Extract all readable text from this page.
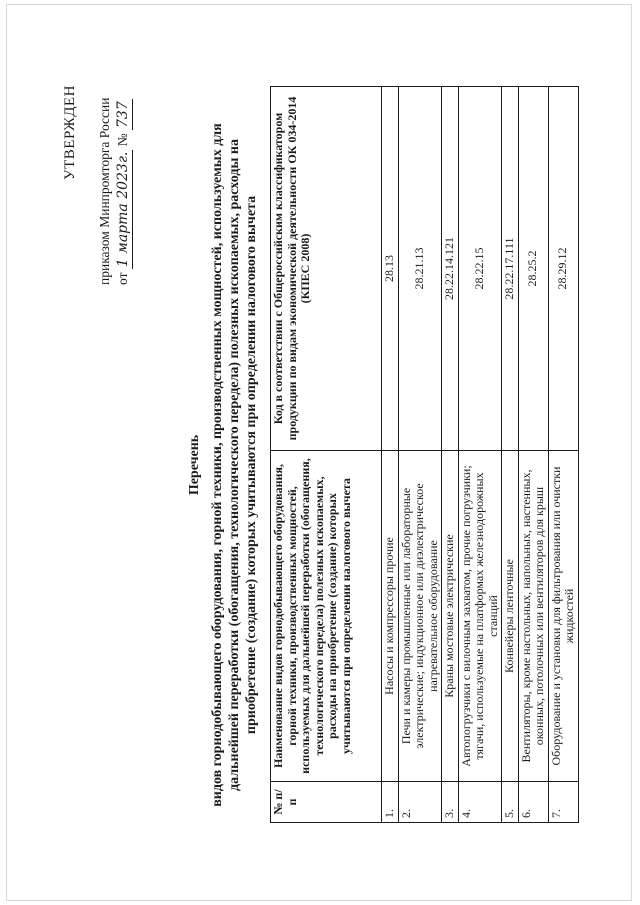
УТВЕРЖДЕН приказом Минпромторга России от 1 марта 2023г. № 737
Перечень видов горнодобывающего оборудования, горной техники, производственных мощностей, используемых для дальнейшей переработки (обогащения, технологического передела) полезных ископаемых, расходы на приобретение (создание) которых учитываются при определении налогового вычета
№ п/п	Наименование видов горнодобывающего оборудования, горной техники, производственных мощностей, используемых для дальнейшей переработки (обогащения, технологического передела) полезных ископаемых, расходы на приобретение (создание) которых учитываются при определении налогового вычета	Код в соответствии с Общероссийским классификатором продукции по видам экономической деятельности ОК 034-2014 (КПЕС 2008)
1.	Насосы и компрессоры прочие	28.13
2.	Печи и камеры промышленные или лабораторные электрические; индукционное или диэлектрическое нагревательное оборудование	28.21.13
3.	Краны мостовые электрические	28.22.14.121
4.	Автопогрузчики с вилочным захватом, прочие погрузчики; тягачи, используемые на платформах железнодорожных станций	28.22.15
5.	Конвейеры ленточные	28.22.17.111
6.	Вентиляторы, кроме настольных, напольных, настенных, оконных, потолочных или вентиляторов для крыш	28.25.2
7.	Оборудование и установки для фильтрования или очистки жидкостей	28.29.12
